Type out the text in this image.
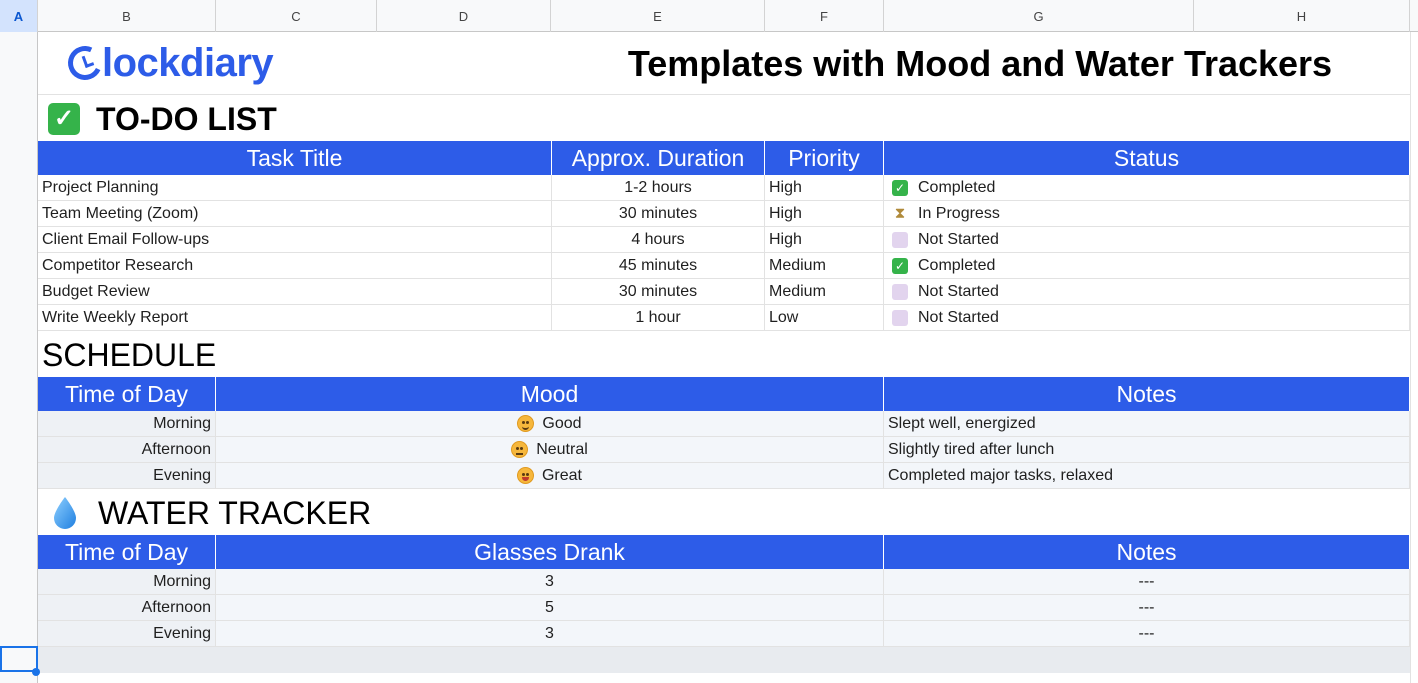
A	B	C	D	E	F	G	H
lockdiary	Templates with Mood and Water Trackers
✓ TO-DO LIST
Task Title	Approx. Duration	Priority	Status
Project Planning	1-2 hours	High	✓ Completed
Team Meeting (Zoom)	30 minutes	High	⧗ In Progress
Client Email Follow-ups	4 hours	High	Not Started
Competitor Research	45 minutes	Medium	✓ Completed
Budget Review	30 minutes	Medium	Not Started
Write Weekly Report	1 hour	Low	Not Started
SCHEDULE
Time of Day	Mood	Notes
Morning	Good	Slept well, energized
Afternoon	Neutral	Slightly tired after lunch
Evening	Great	Completed major tasks, relaxed
WATER TRACKER
Time of Day	Glasses Drank	Notes
Morning	3	---
Afternoon	5	---
Evening	3	---
